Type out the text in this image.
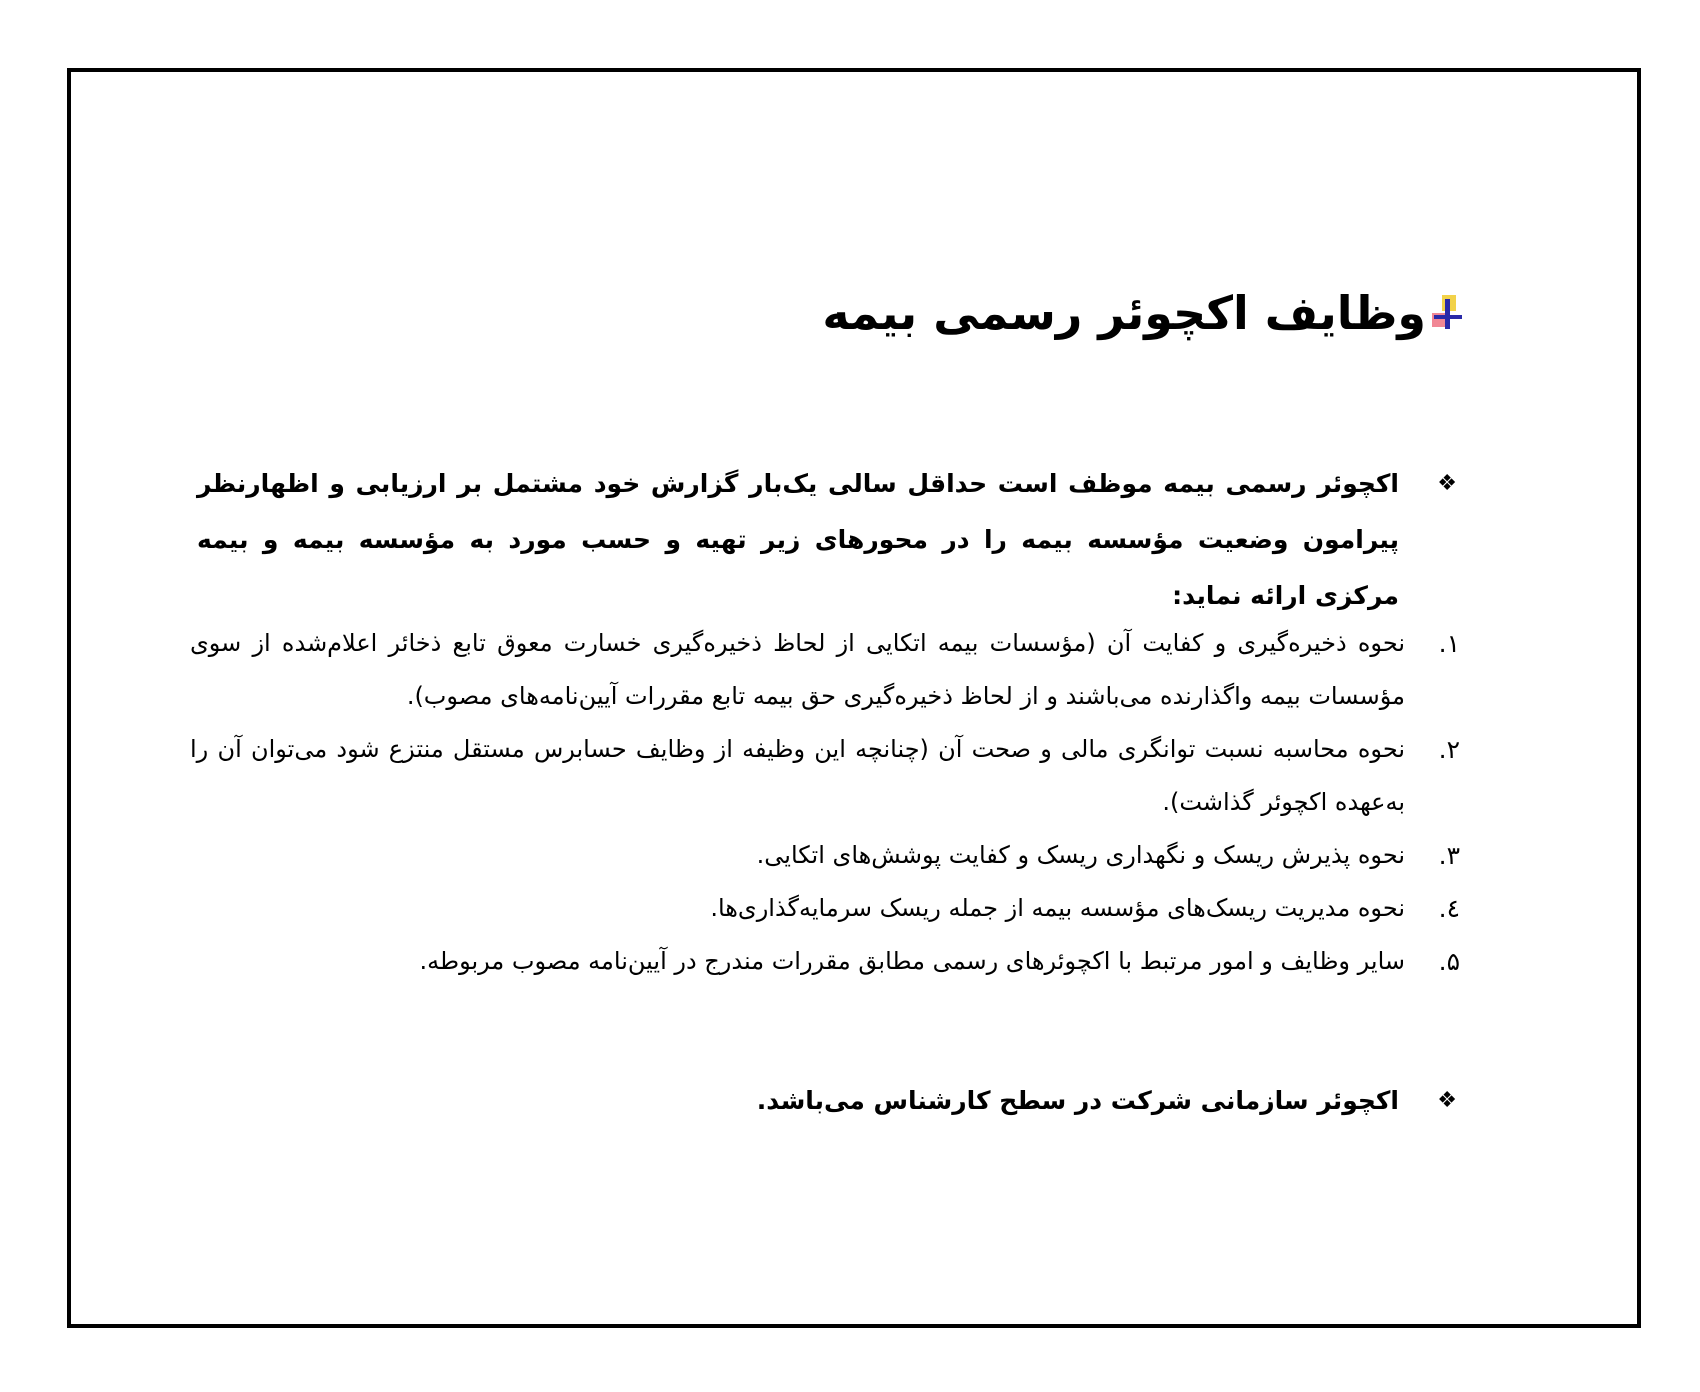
وظایف اکچوئر رسمی بیمه
❖
اکچوئر رسمی بیمه موظف است حداقل سالی یک‌بار گزارش خود مشتمل بر ارزیابی و اظهارنظر پیرامون وضعیت مؤسسه بیمه را در محورهای زیر تهیه و حسب مورد به مؤسسه بیمه و بیمه مرکزی ارائه نماید:
۱.
نحوه ذخیره‌گیری و کفایت آن (مؤسسات بیمه اتکایی از لحاظ ذخیره‌گیری خسارت معوق تابع ذخائر اعلام‌شده از سوی مؤسسات بیمه واگذارنده می‌باشند و از لحاظ ذخیره‌گیری حق بیمه تابع مقررات آیین‌نامه‌های مصوب).
۲.
نحوه محاسبه نسبت توانگری مالی و صحت آن (چنانچه این وظیفه از وظایف حسابرس مستقل منتزع شود می‌توان آن را به‌عهده اکچوئر گذاشت).
۳.
نحوه پذیرش ریسک و نگهداری ریسک و کفایت پوشش‌های اتکایی.
٤.
نحوه مدیریت ریسک‌های مؤسسه بیمه از جمله ریسک سرمایه‌گذاری‌ها.
۵.
سایر وظایف و امور مرتبط با اکچوئرهای رسمی مطابق مقررات مندرج در آیین‌نامه مصوب مربوطه.
❖
اکچوئر سازمانی شرکت در سطح کارشناس می‌باشد.
